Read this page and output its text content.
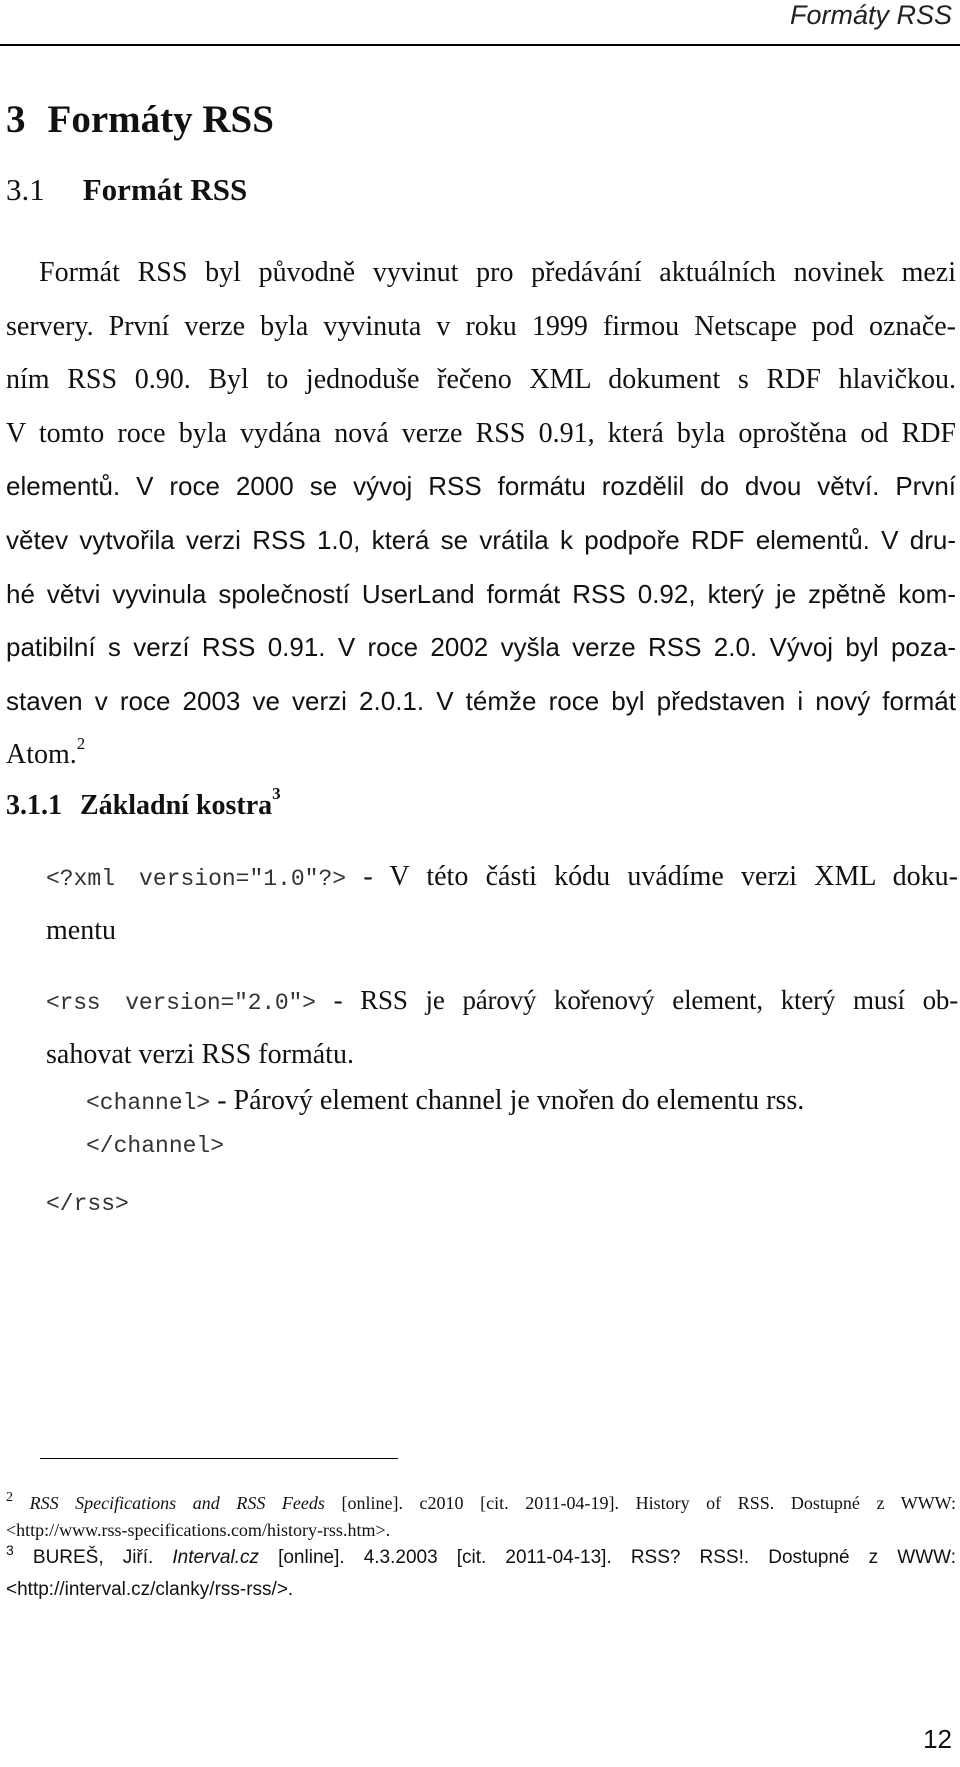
Formáty RSS
3 Formáty RSS
3.1 Formát RSS
Formát RSS byl původně vyvinut pro předávání aktuálních novinek mezi
servery. První verze byla vyvinuta v roku 1999 firmou Netscape pod označe-
ním RSS 0.90. Byl to jednoduše řečeno XML dokument s RDF hlavičkou.
V tomto roce byla vydána nová verze RSS 0.91, která byla oproštěna od RDF
elementů. V roce 2000 se vývoj RSS formátu rozdělil do dvou větví. První
větev vytvořila verzi RSS 1.0, která se vrátila k podpoře RDF elementů. V dru-
hé větvi vyvinula společností UserLand formát RSS 0.92, který je zpětně kom-
patibilní s verzí RSS 0.91. V roce 2002 vyšla verze RSS 2.0. Vývoj byl poza-
staven v roce 2003 ve verzi 2.0.1. V témže roce byl představen i nový formát
Atom.$^2$
3.1.1 Základní kostra$^3$
<?xml version="1.0"?> - V této části kódu uvádíme verzi XML doku-
mentu
<rss version="2.0"> - RSS je párový kořenový element, který musí ob-
sahovat verzi RSS formátu.
<channel> - Párový element channel je vnořen do elementu rss.
</channel>
</rss>
$^2$ RSS Specifications and RSS Feeds [online]. c2010 [cit. 2011-04-19]. History of RSS. Dostupné z WWW:
<http://www.rss-specifications.com/history-rss.htm>.
$^3$ BUREŠ, Jiří. Interval.cz [online]. 4.3.2003 [cit. 2011-04-13]. RSS? RSS!. Dostupné z WWW:
<http://interval.cz/clanky/rss-rss/>.
12
